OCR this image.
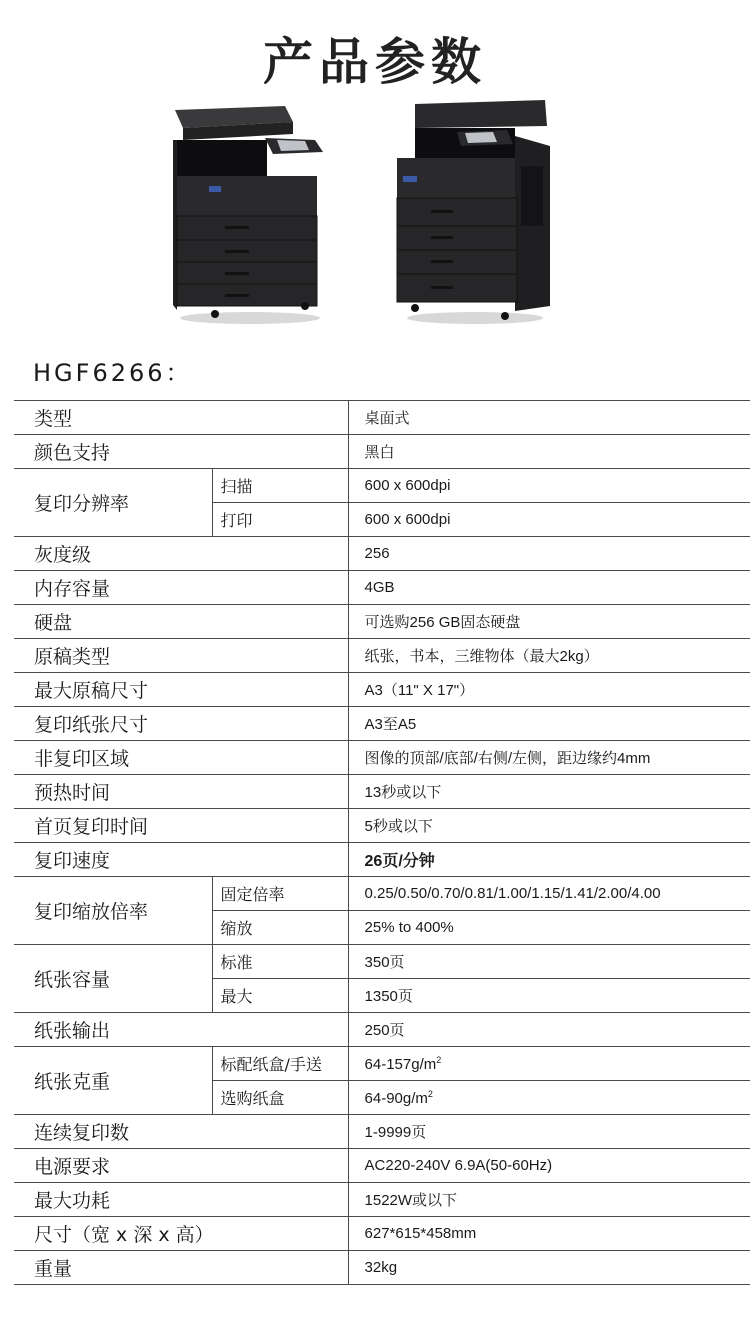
产品参数
HGF6266：
类型		桌面式
颜色支持		黑白
复印分辨率	扫描	600 x 600dpi
	打印	600 x 600dpi
灰度级		256
内存容量		4GB
硬盘		可选购256 GB固态硬盘
原稿类型		纸张，书本，三维物体（最大2kg）
最大原稿尺寸		A3（11" X 17"）
复印纸张尺寸		A3至A5
非复印区域		图像的顶部/底部/右侧/左侧，距边缘约4mm
预热时间		13秒或以下
首页复印时间		5秒或以下
复印速度		26页/分钟
复印缩放倍率	固定倍率	0.25/0.50/0.70/0.81/1.00/1.15/1.41/2.00/4.00
	缩放	25% to 400%
纸张容量	标准	350页
	最大	1350页
纸张输出		250页
纸张克重	标配纸盒/手送	$64-157g/m^2$
	选购纸盒	$64-90g/m^2$
连续复印数		1-9999页
电源要求		AC220-240V 6.9A(50-60Hz)
最大功耗		1522W或以下
尺寸（宽 x 深 x 高）		627*615*458mm
重量		32kg
